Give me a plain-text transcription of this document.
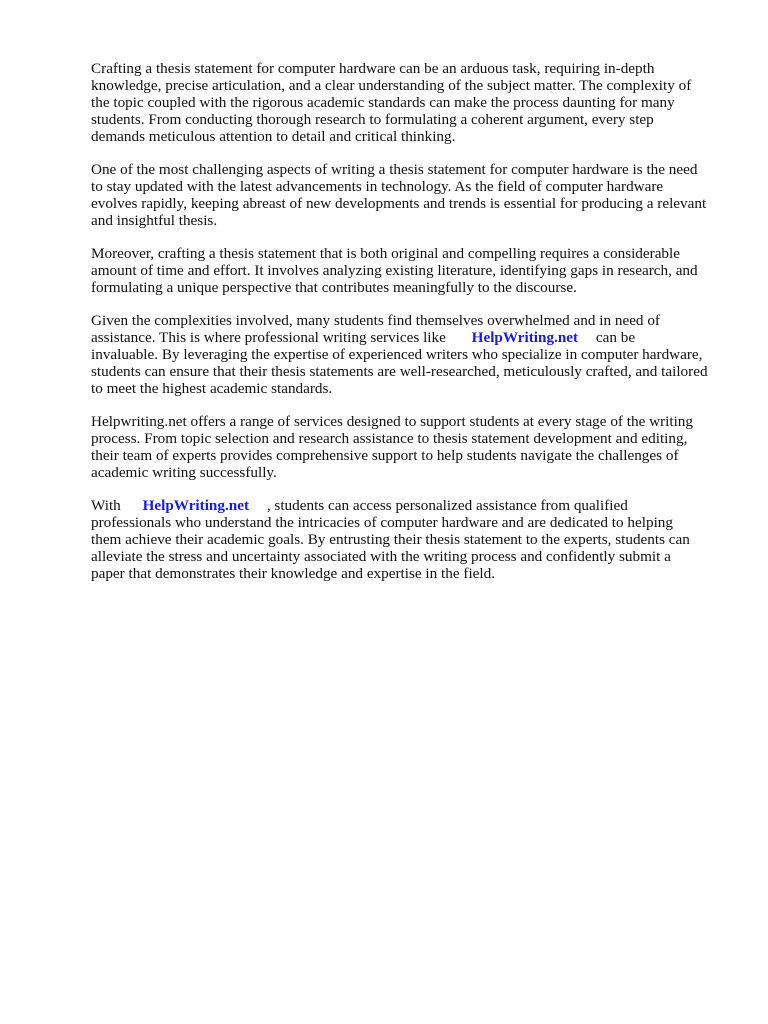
Crafting a thesis statement for computer hardware can be an arduous task, requiring in-depth
knowledge, precise articulation, and a clear understanding of the subject matter. The complexity of
the topic coupled with the rigorous academic standards can make the process daunting for many
students. From conducting thorough research to formulating a coherent argument, every step
demands meticulous attention to detail and critical thinking.

One of the most challenging aspects of writing a thesis statement for computer hardware is the need
to stay updated with the latest advancements in technology. As the field of computer hardware
evolves rapidly, keeping abreast of new developments and trends is essential for producing a relevant
and insightful thesis.

Moreover, crafting a thesis statement that is both original and compelling requires a considerable
amount of time and effort. It involves analyzing existing literature, identifying gaps in research, and
formulating a unique perspective that contributes meaningfully to the discourse.

Given the complexities involved, many students find themselves overwhelmed and in need of
assistance. This is where professional writing services like HelpWriting.net can be
invaluable. By leveraging the expertise of experienced writers who specialize in computer hardware,
students can ensure that their thesis statements are well-researched, meticulously crafted, and tailored
to meet the highest academic standards.

Helpwriting.net offers a range of services designed to support students at every stage of the writing
process. From topic selection and research assistance to thesis statement development and editing,
their team of experts provides comprehensive support to help students navigate the challenges of
academic writing successfully.

With HelpWriting.net , students can access personalized assistance from qualified
professionals who understand the intricacies of computer hardware and are dedicated to helping
them achieve their academic goals. By entrusting their thesis statement to the experts, students can
alleviate the stress and uncertainty associated with the writing process and confidently submit a
paper that demonstrates their knowledge and expertise in the field.
